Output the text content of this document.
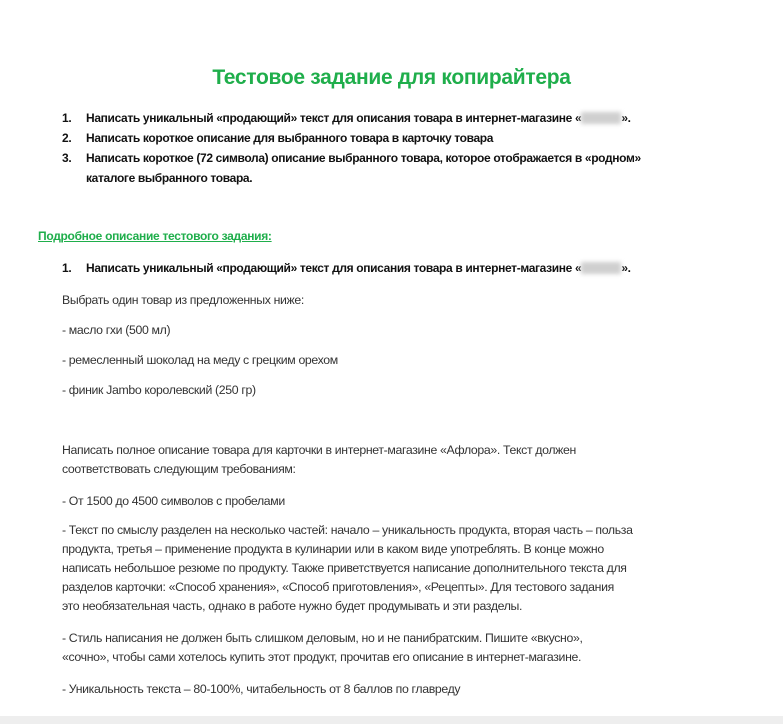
Тестовое задание для копирайтера
1. Написать уникальный «продающий» текст для описания товара в интернет-магазине «	».
2. Написать короткое описание для выбранного товара в карточку товара
3. Написать короткое (72 символа) описание выбранного товара, которое отображается в «родном»
каталоге выбранного товара.
Подробное описание тестового задания:
1. Написать уникальный «продающий» текст для описания товара в интернет-магазине «	».
Выбрать один товар из предложенных ниже:
- масло гхи (500 мл)
- ремесленный шоколад на меду с грецким орехом
- финик Jambo королевский (250 гр)
Написать полное описание товара для карточки в интернет-магазине «Афлора». Текст должен
соответствовать следующим требованиям:
- От 1500 до 4500 символов с пробелами
- Текст по смыслу разделен на несколько частей: начало – уникальность продукта, вторая часть – польза
продукта, третья – применение продукта в кулинарии или в каком виде употреблять. В конце можно
написать небольшое резюме по продукту. Также приветствуется написание дополнительного текста для
разделов карточки: «Способ хранения», «Способ приготовления», «Рецепты». Для тестового задания
это необязательная часть, однако в работе нужно будет продумывать и эти разделы.
- Стиль написания не должен быть слишком деловым, но и не панибратским. Пишите «вкусно»,
«сочно», чтобы сами хотелось купить этот продукт, прочитав его описание в интернет-магазине.
- Уникальность текста – 80-100%, читабельность от 8 баллов по главреду
